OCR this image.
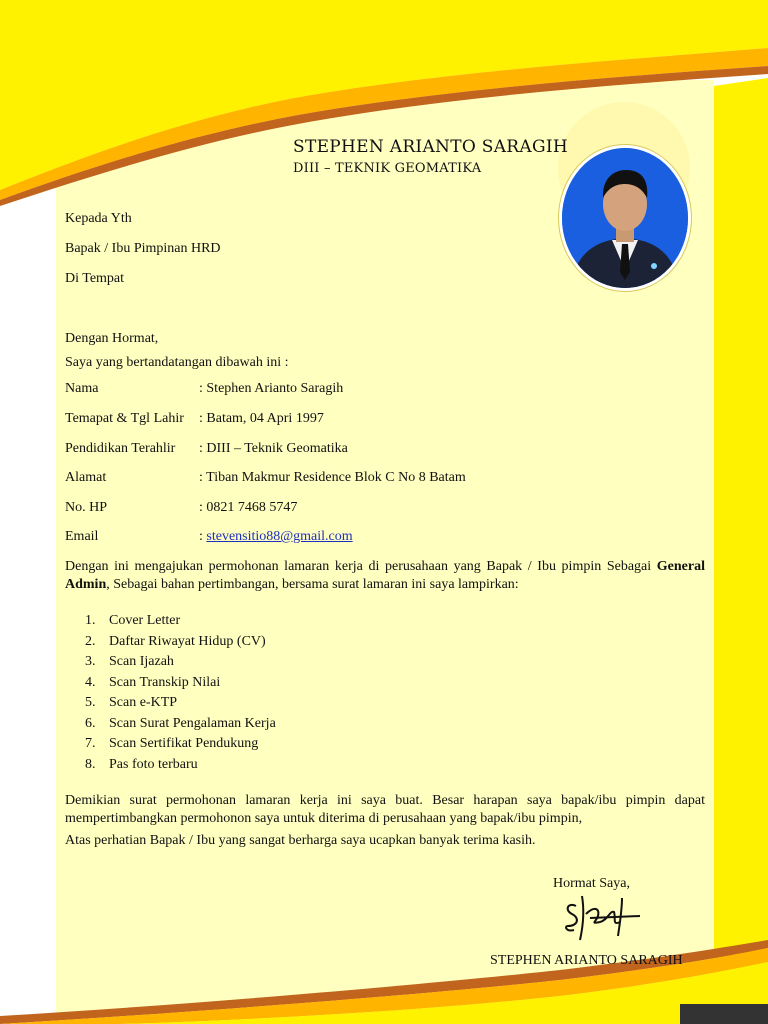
STEPHEN ARIANTO SARAGIH
DIII – TEKNIK GEOMATIKA
Kepada Yth
Bapak / Ibu Pimpinan HRD
Di Tempat
Dengan Hormat,
Saya yang bertandatangan dibawah ini :
Nama	: Stephen Arianto Saragih
Temapat & Tgl Lahir : Batam, 04 Apri 1997
Pendidikan Terahlir : DIII – Teknik Geomatika
Alamat	: Tiban Makmur Residence Blok C No 8 Batam
No. HP	: 0821 7468 5747
Email	: stevensitio88@gmail.com
Dengan ini mengajukan permohonan lamaran kerja di perusahaan yang Bapak / Ibu pimpin Sebagai General Admin, Sebagai bahan pertimbangan, bersama surat lamaran ini saya lampirkan:
1. Cover Letter
2. Daftar Riwayat Hidup (CV)
3. Scan Ijazah
4. Scan Transkip Nilai
5. Scan e-KTP
6. Scan Surat Pengalaman Kerja
7. Scan Sertifikat Pendukung
8. Pas foto terbaru
Demikian surat permohonan lamaran kerja ini saya buat. Besar harapan saya bapak/ibu pimpin dapat mempertimbangkan permohonon saya untuk diterima di perusahaan yang bapak/ibu pimpin,
Atas perhatian Bapak / Ibu yang sangat berharga saya ucapkan banyak terima kasih.
Hormat Saya,
STEPHEN ARIANTO SARAGIH
